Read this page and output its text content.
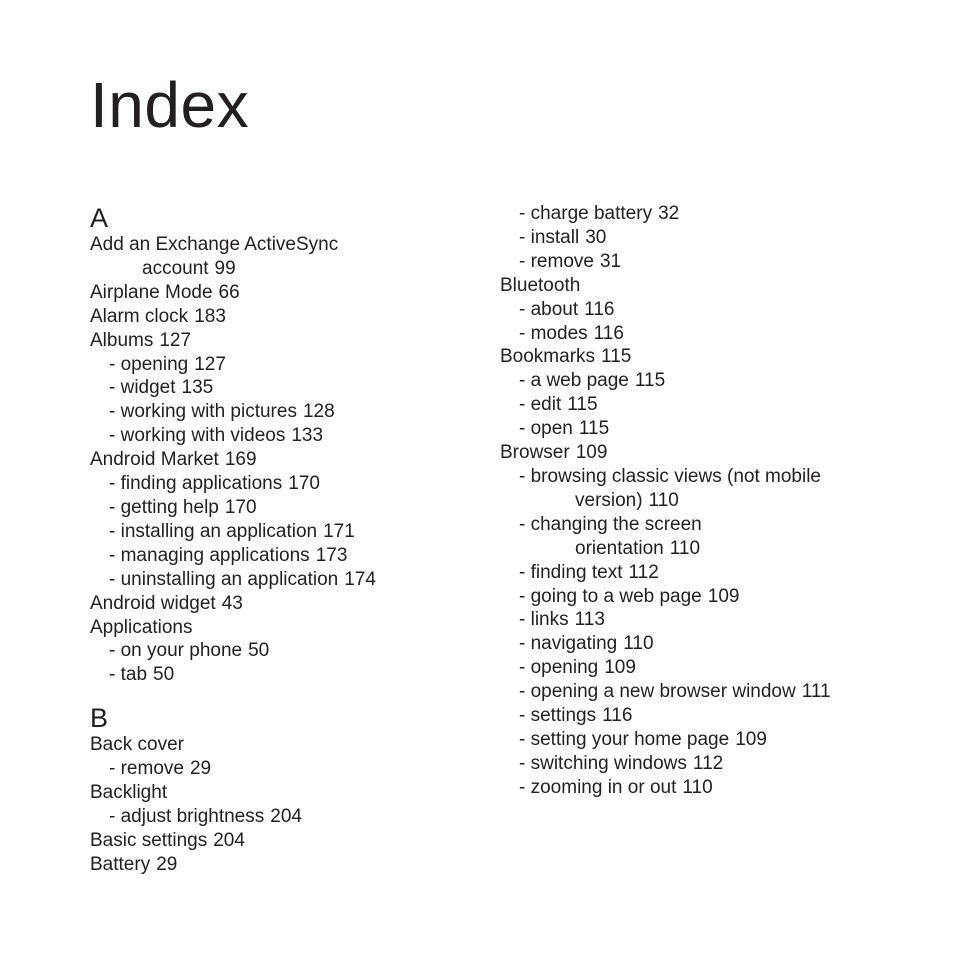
Index
A
Add an Exchange ActiveSync
account 99
Airplane Mode 66
Alarm clock 183
Albums 127
- opening 127
- widget 135
- working with pictures 128
- working with videos 133
Android Market 169
- finding applications 170
- getting help 170
- installing an application 171
- managing applications 173
- uninstalling an application 174
Android widget 43
Applications
- on your phone 50
- tab 50
B
Back cover
- remove 29
Backlight
- adjust brightness 204
Basic settings 204
Battery 29
- charge battery 32
- install 30
- remove 31
Bluetooth
- about 116
- modes 116
Bookmarks 115
- a web page 115
- edit 115
- open 115
Browser 109
- browsing classic views (not mobile
version) 110
- changing the screen
orientation 110
- finding text 112
- going to a web page 109
- links 113
- navigating 110
- opening 109
- opening a new browser window 111
- settings 116
- setting your home page 109
- switching windows 112
- zooming in or out 110
